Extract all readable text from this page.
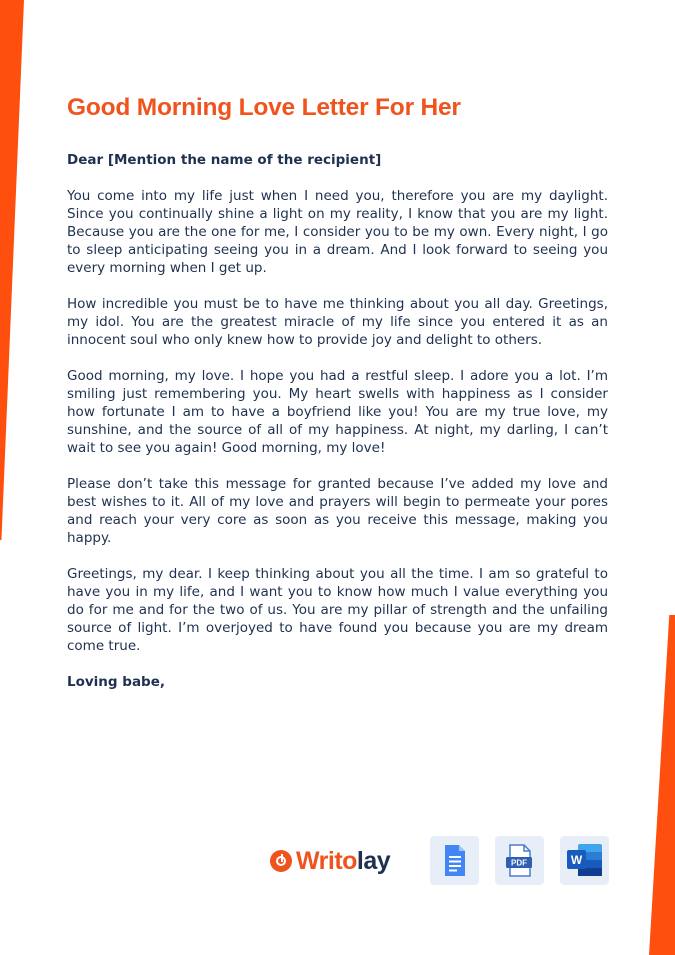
Good Morning Love Letter For Her

Dear [Mention the name of the recipient]

You come into my life just when I need you, therefore you are my daylight. Since you continually shine a light on my reality, I know that you are my light. Because you are the one for me, I consider you to be my own. Every night, I go to sleep anticipating seeing you in a dream. And I look forward to seeing you every morning when I get up.

How incredible you must be to have me thinking about you all day. Greetings, my idol. You are the greatest miracle of my life since you entered it as an innocent soul who only knew how to provide joy and delight to others.

Good morning, my love. I hope you had a restful sleep. I adore you a lot. I’m smiling just remembering you. My heart swells with happiness as I consider how fortunate I am to have a boyfriend like you! You are my true love, my sunshine, and the source of all of my happiness. At night, my darling, I can’t wait to see you again! Good morning, my love!

Please don’t take this message for granted because I’ve added my love and best wishes to it. All of my love and prayers will begin to permeate your pores and reach your very core as soon as you receive this message, making you happy.

Greetings, my dear. I keep thinking about you all the time. I am so grateful to have you in my life, and I want you to know how much I value everything you do for me and for the two of us. You are my pillar of strength and the unfailing source of light. I’m overjoyed to have found you because you are my dream come true.

Loving babe,

Writo lay	PDF	W
